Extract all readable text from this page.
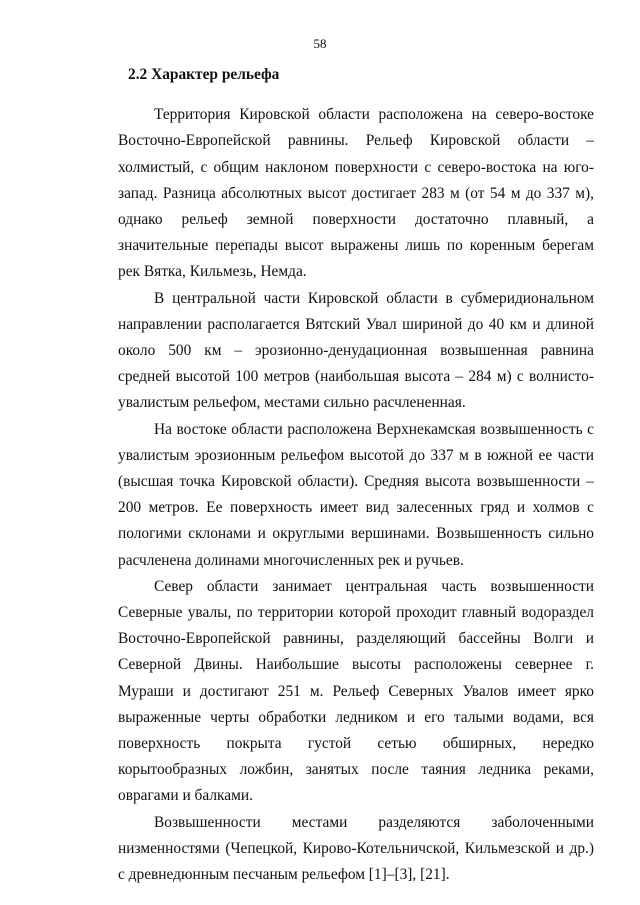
58
2.2 Характер рельефа

Территория Кировской области расположена на северо-востоке Восточно-Европейской равнины. Рельеф Кировской области – холмистый, с общим наклоном поверхности с северо-востока на юго-запад. Разница абсолютных высот достигает 283 м (от 54 м до 337 м), однако рельеф земной поверхности достаточно плавный, а значительные перепады высот выражены лишь по коренным берегам рек Вятка, Кильмезь, Немда.

В центральной части Кировской области в субмеридиональном направлении располагается Вятский Увал шириной до 40 км и длиной около 500 км – эрозионно-денудационная возвышенная равнина средней высотой 100 метров (наибольшая высота – 284 м) с волнисто-увалистым рельефом, местами сильно расчлененная.

На востоке области расположена Верхнекамская возвышенность с увалистым эрозионным рельефом высотой до 337 м в южной ее части (высшая точка Кировской области). Средняя высота возвышенности – 200 метров. Ее поверхность имеет вид залесенных гряд и холмов с пологими склонами и округлыми вершинами. Возвышенность сильно расчленена долинами многочисленных рек и ручьев.

Север области занимает центральная часть возвышенности Северные увалы, по территории которой проходит главный водораздел Восточно-Европейской равнины, разделяющий бассейны Волги и Северной Двины. Наибольшие высоты расположены севернее г. Мураши и достигают 251 м. Рельеф Северных Увалов имеет ярко выраженные черты обработки ледником и его талыми водами, вся поверхность покрыта густой сетью обширных, нередко корытообразных ложбин, занятых после таяния ледника реками, оврагами и балками.

Возвышенности местами разделяются заболоченными низменностями (Чепецкой, Кирово-Котельничской, Кильмезской и др.) с древнедюнным песчаным рельефом [1]–[3], [21].
